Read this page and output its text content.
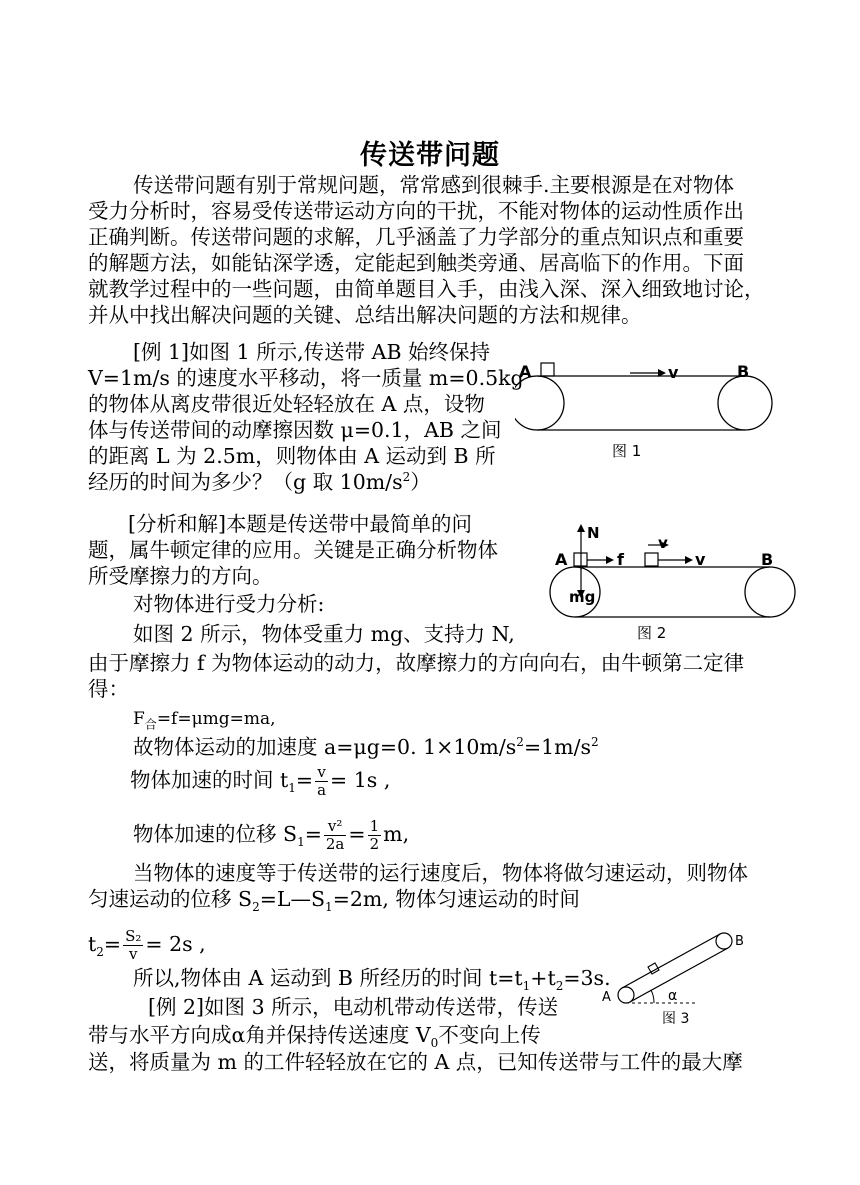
传送带问题
传送带问题有别于常规问题，常常感到很棘手.主要根源是在对物体
受力分析时，容易受传送带运动方向的干扰，不能对物体的运动性质作出
正确判断。传送带问题的求解，几乎涵盖了力学部分的重点知识点和重要
的解题方法，如能钻深学透，定能起到触类旁通、居高临下的作用。下面
就教学过程中的一些问题，由简单题目入手，由浅入深、深入细致地讨论，
并从中找出解决问题的关键、总结出解决问题的方法和规律。
[例 1]如图 1 所示,传送带 AB 始终保持
V=1m/s 的速度水平移动，将一质量 m=0.5kg
的物体从离皮带很近处轻轻放在 A 点，设物
体与传送带间的动摩擦因数 μ=0.1，AB 之间
的距离 L 为 2.5m，则物体由 A 运动到 B 所
经历的时间为多少？（g 取 $10m/s^2$）
[分析和解]本题是传送带中最简单的问
题，属牛顿定律的应用。关键是正确分析物体
所受摩擦力的方向。
对物体进行受力分析:
如图 2 所示，物体受重力 mg、支持力 N,
由于摩擦力 f 为物体运动的动力，故摩擦力的方向向右，由牛顿第二定律
得：
$F_合=f=\mu mg=ma$,
故物体运动的加速度 a=μg=0. $1\times 10m/s^2=1m/s^2$
物体加速的时间 $t_1= \frac{v}{a} = 1s$ ,
物体加速的位移 $S_1= \frac{\text{v²}}{2a} = \frac{1}{2} m$,
当物体的速度等于传送带的运行速度后，物体将做匀速运动，则物体
匀速运动的位移 $S_2=L—S_1=2m$, 物体匀速运动的时间
$t_2= \frac{\text{S₂}}{v} = 2s$ ,
所以,物体由 A 运动到 B 所经历的时间 $t=t_1+t_2=3s$.
[例 2]如图 3 所示，电动机带动传送带，传送
带与水平方向成α角并保持传送速度 $V_0$不变向上传
送，将质量为 m 的工件轻轻放在它的 A 点，已知传送带与工件的最大摩
A	v	B
图 1
N
A	f
mg
v
v	B
图 2
A
B
α
图 3
